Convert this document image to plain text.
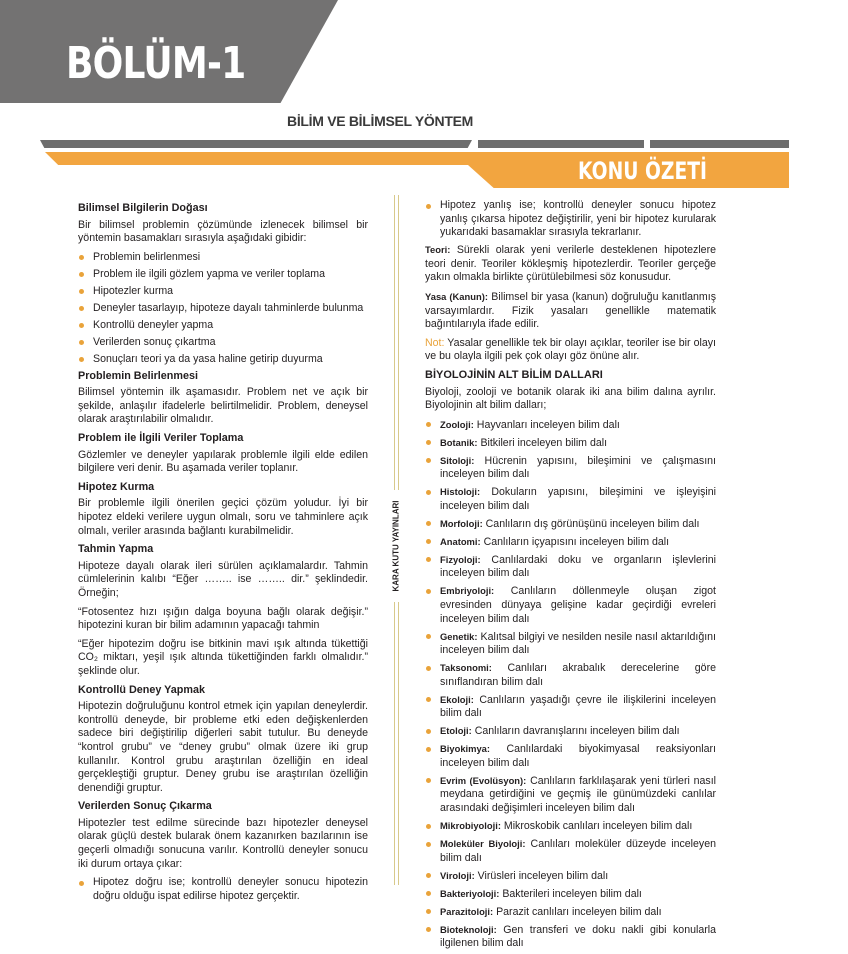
BÖLÜM-1
BİLİM VE BİLİMSEL YÖNTEM
KONU ÖZETİ
Bilimsel Bilgilerin Doğası
Bir bilimsel problemin çözümünde izlenecek bilimsel bir yöntemin basamakları sırasıyla aşağıdaki gibidir:
Problemin belirlenmesi
Problem ile ilgili gözlem yapma ve veriler toplama
Hipotezler kurma
Deneyler tasarlayıp, hipoteze dayalı tahminlerde bulunma
Kontrollü deneyler yapma
Verilerden sonuç çıkartma
Sonuçları teori ya da yasa haline getirip duyurma
Problemin Belirlenmesi
Bilimsel yöntemin ilk aşamasıdır. Problem net ve açık bir şekilde, anlaşılır ifadelerle belirtilmelidir. Problem, deneysel olarak araştırılabilir olmalıdır.
Problem ile İlgili Veriler Toplama
Gözlemler ve deneyler yapılarak problemle ilgili elde edilen bilgilere veri denir. Bu aşamada veriler toplanır.
Hipotez Kurma
Bir problemle ilgili önerilen geçici çözüm yoludur. İyi bir hipotez eldeki verilere uygun olmalı, soru ve tahminlere açık olmalı, veriler arasında bağlantı kurabilmelidir.
Tahmin Yapma
Hipoteze dayalı olarak ileri sürülen açıklamalardır. Tahmin cümlelerinin kalıbı “Eğer …….. ise …….. dir.” şeklindedir. Örneğin;
“Fotosentez hızı ışığın dalga boyuna bağlı olarak değişir.” hipotezini kuran bir bilim adamının yapacağı tahmin
“Eğer hipotezim doğru ise bitkinin mavi ışık altında tükettiği CO₂ miktarı, yeşil ışık altında tükettiğinden farklı olmalıdır.” şeklinde olur.
Kontrollü Deney Yapmak
Hipotezin doğruluğunu kontrol etmek için yapılan deneylerdir. kontrollü deneyde, bir probleme etki eden değişkenlerden sadece biri değiştirilip diğerleri sabit tutulur. Bu deneyde “kontrol grubu” ve “deney grubu” olmak üzere iki grup kullanılır. Kontrol grubu araştırılan özelliğin en ideal gerçekleştiği gruptur. Deney grubu ise araştırılan özelliğin denendiği gruptur.
Verilerden Sonuç Çıkarma
Hipotezler test edilme sürecinde bazı hipotezler deneysel olarak güçlü destek bularak önem kazanırken bazılarının ise geçerli olmadığı sonucuna varılır. Kontrollü deneyler sonucu iki durum ortaya çıkar:
Hipotez doğru ise; kontrollü deneyler sonucu hipotezin doğru olduğu ispat edilirse hipotez gerçektir.
KARA KUTU YAYINLARI
Hipotez yanlış ise; kontrollü deneyler sonucu hipotez yanlış çıkarsa hipotez değiştirilir, yeni bir hipotez kurularak yukarıdaki basamaklar sırasıyla tekrarlanır.
Teori: Sürekli olarak yeni verilerle desteklenen hipotezlere teori denir. Teoriler kökleşmiş hipotezlerdir. Teoriler gerçeğe yakın olmakla birlikte çürütülebilmesi söz konusudur.
Yasa (Kanun): Bilimsel bir yasa (kanun) doğruluğu kanıtlanmış varsayımlardır. Fizik yasaları genellikle matematik bağıntılarıyla ifade edilir.
Not: Yasalar genellikle tek bir olayı açıklar, teoriler ise bir olayı ve bu olayla ilgili pek çok olayı göz önüne alır.
BİYOLOJİNİN ALT BİLİM DALLARI
Biyoloji, zooloji ve botanik olarak iki ana bilim dalına ayrılır. Biyolojinin alt bilim dalları;
Zooloji: Hayvanları inceleyen bilim dalı
Botanik: Bitkileri inceleyen bilim dalı
Sitoloji: Hücrenin yapısını, bileşimini ve çalışmasını inceleyen bilim dalı
Histoloji: Dokuların yapısını, bileşimini ve işleyişini inceleyen bilim dalı
Morfoloji: Canlıların dış görünüşünü inceleyen bilim dalı
Anatomi: Canlıların içyapısını inceleyen bilim dalı
Fizyoloji: Canlılardaki doku ve organların işlevlerini inceleyen bilim dalı
Embriyoloji: Canlıların döllenmeyle oluşan zigot evresinden dünyaya gelişine kadar geçirdiği evreleri inceleyen bilim dalı
Genetik: Kalıtsal bilgiyi ve nesilden nesile nasıl aktarıldığını inceleyen bilim dalı
Taksonomi: Canlıları akrabalık derecelerine göre sınıflandıran bilim dalı
Ekoloji: Canlıların yaşadığı çevre ile ilişkilerini inceleyen bilim dalı
Etoloji: Canlıların davranışlarını inceleyen bilim dalı
Biyokimya: Canlılardaki biyokimyasal reaksiyonları inceleyen bilim dalı
Evrim (Evolüsyon): Canlıların farklılaşarak yeni türleri nasıl meydana getirdiğini ve geçmiş ile günümüzdeki canlılar arasındaki değişimleri inceleyen bilim dalı
Mikrobiyoloji: Mikroskobik canlıları inceleyen bilim dalı
Moleküler Biyoloji: Canlıları moleküler düzeyde inceleyen bilim dalı
Viroloji: Virüsleri inceleyen bilim dalı
Bakteriyoloji: Bakterileri inceleyen bilim dalı
Parazitoloji: Parazit canlıları inceleyen bilim dalı
Bioteknoloji: Gen transferi ve doku nakli gibi konularla ilgilenen bilim dalı
